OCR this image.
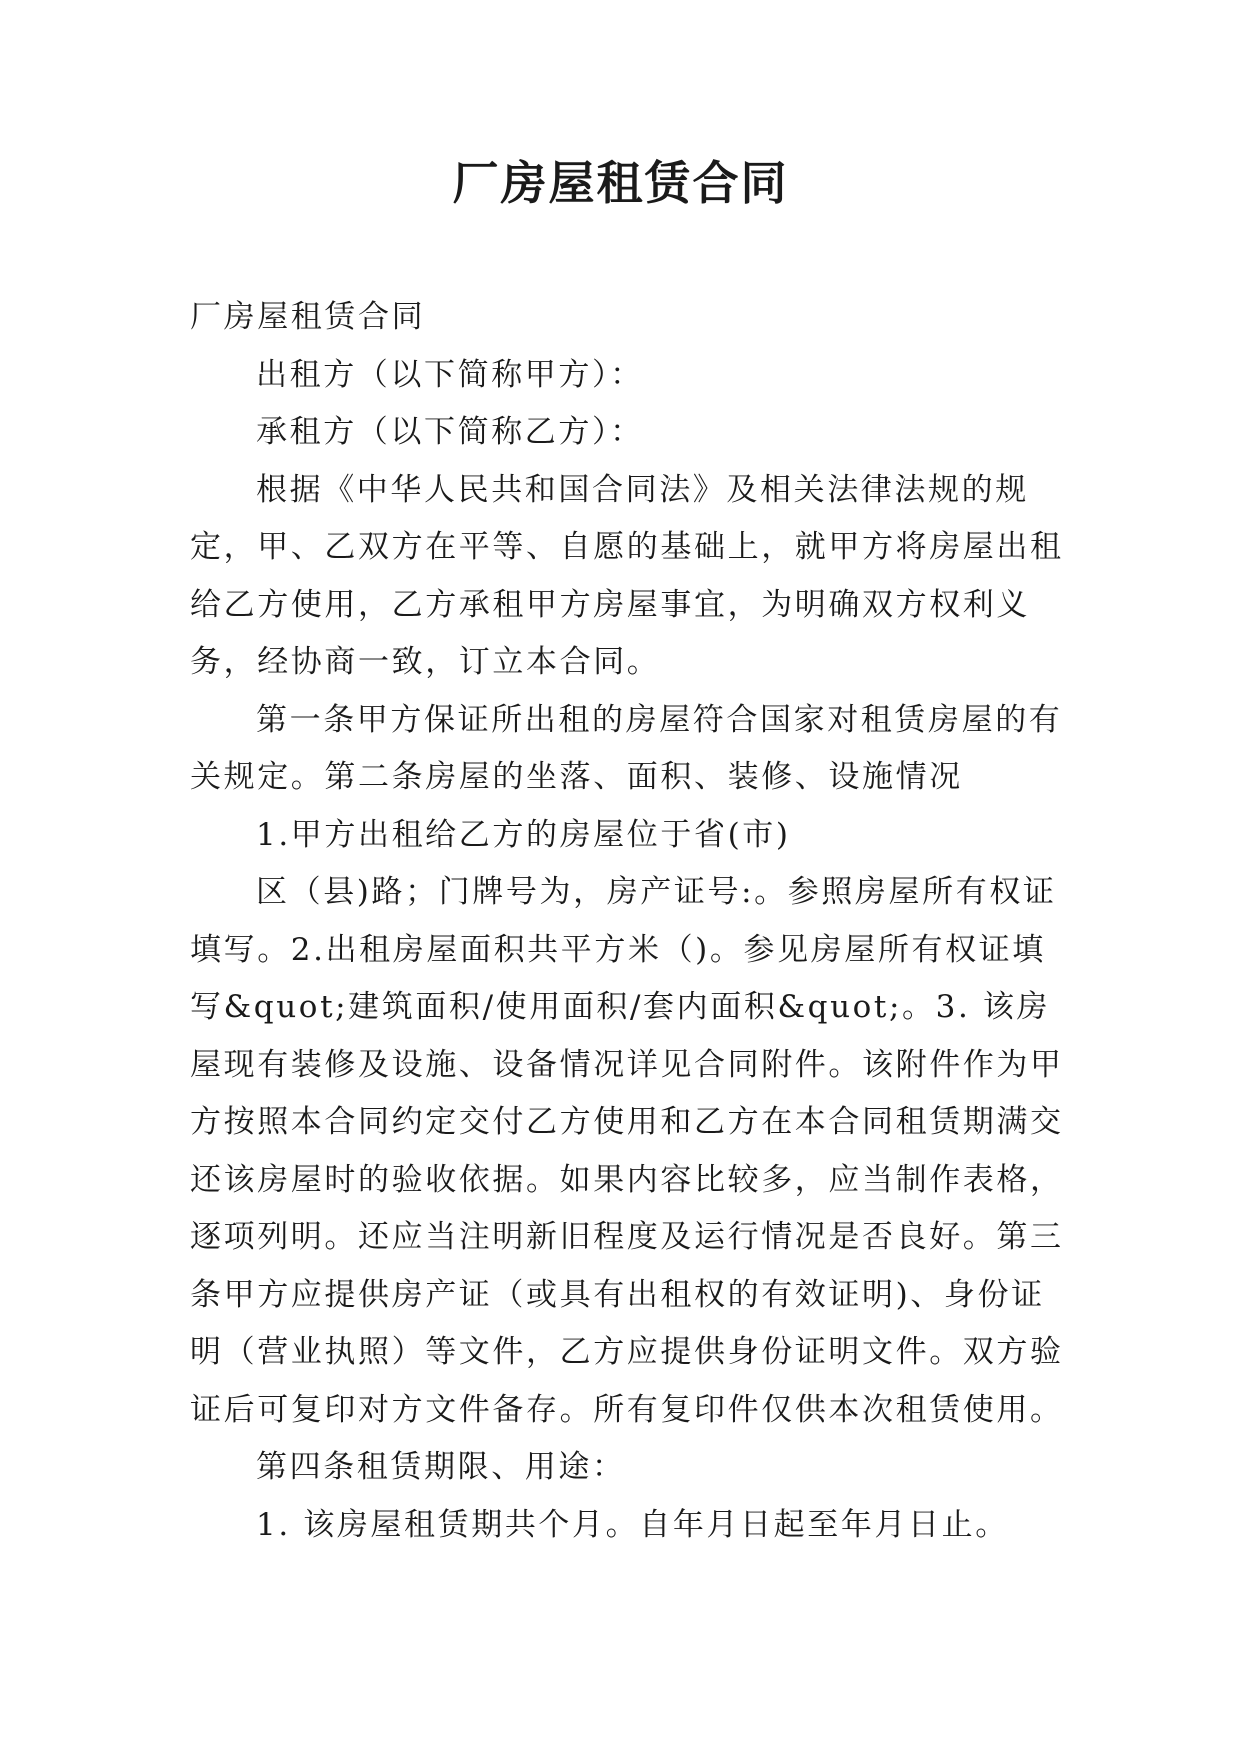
厂房屋租赁合同

厂房屋租赁合同

出租方（以下简称甲方）：

承租方（以下简称乙方）：

根据《中华人民共和国合同法》及相关法律法规的规定，甲、乙双方在平等、自愿的基础上，就甲方将房屋出租给乙方使用，乙方承租甲方房屋事宜，为明确双方权利义务，经协商一致，订立本合同。

第一条甲方保证所出租的房屋符合国家对租赁房屋的有关规定。第二条房屋的坐落、面积、装修、设施情况

1.甲方出租给乙方的房屋位于省(市)

区（县)路；门牌号为，房产证号:。参照房屋所有权证填写。2.出租房屋面积共平方米（)。参见房屋所有权证填写&quot;建筑面积/使用面积/套内面积&quot;。3. 该房屋现有装修及设施、设备情况详见合同附件。该附件作为甲方按照本合同约定交付乙方使用和乙方在本合同租赁期满交还该房屋时的验收依据。如果内容比较多，应当制作表格，逐项列明。还应当注明新旧程度及运行情况是否良好。第三条甲方应提供房产证（或具有出租权的有效证明)、身份证明（营业执照）等文件，乙方应提供身份证明文件。双方验证后可复印对方文件备存。所有复印件仅供本次租赁使用。

第四条租赁期限、用途：

1. 该房屋租赁期共个月。自年月日起至年月日止。
